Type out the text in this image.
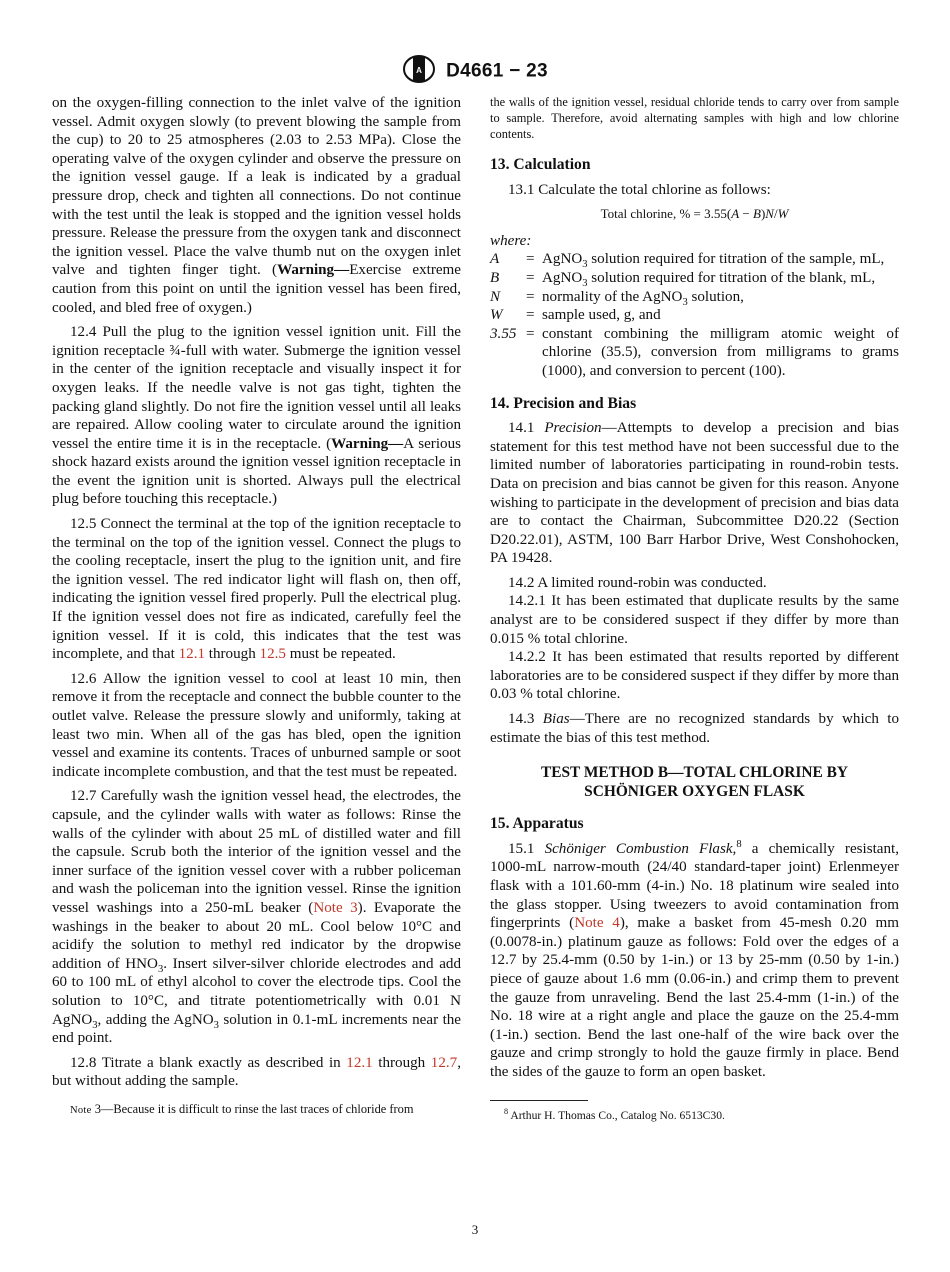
A D4661 − 23

on the oxygen-filling connection to the inlet valve of the ignition vessel. Admit oxygen slowly (to prevent blowing the sample from the cup) to 20 to 25 atmospheres (2.03 to 2.53 MPa). Close the operating valve of the oxygen cylinder and observe the pressure on the ignition vessel gauge. If a leak is indicated by a gradual pressure drop, check and tighten all connections. Do not continue with the test until the leak is stopped and the ignition vessel holds pressure. Release the pressure from the oxygen tank and disconnect the ignition vessel. Place the valve thumb nut on the oxygen inlet valve and tighten finger tight. (Warning—Exercise extreme caution from this point on until the ignition vessel has been fired, cooled, and bled free of oxygen.)

12.4 Pull the plug to the ignition vessel ignition unit. Fill the ignition receptacle ¾-full with water. Submerge the ignition vessel in the center of the ignition receptacle and visually inspect it for oxygen leaks. If the needle valve is not gas tight, tighten the packing gland slightly. Do not fire the ignition vessel until all leaks are repaired. Allow cooling water to circulate around the ignition vessel the entire time it is in the receptacle. (Warning—A serious shock hazard exists around the ignition vessel ignition receptacle in the event the ignition unit is shorted. Always pull the electrical plug before touching this receptacle.)

12.5 Connect the terminal at the top of the ignition receptacle to the terminal on the top of the ignition vessel. Connect the plugs to the cooling receptacle, insert the plug to the ignition unit, and fire the ignition vessel. The red indicator light will flash on, then off, indicating the ignition vessel fired properly. Pull the electrical plug. If the ignition vessel does not fire as indicated, carefully feel the ignition vessel. If it is cold, this indicates that the test was incomplete, and that 12.1 through 12.5 must be repeated.

12.6 Allow the ignition vessel to cool at least 10 min, then remove it from the receptacle and connect the bubble counter to the outlet valve. Release the pressure slowly and uniformly, taking at least two min. When all of the gas has bled, open the ignition vessel and examine its contents. Traces of unburned sample or soot indicate incomplete combustion, and that the test must be repeated.

12.7 Carefully wash the ignition vessel head, the electrodes, the capsule, and the cylinder walls with water as follows: Rinse the walls of the cylinder with about 25 mL of distilled water and fill the capsule. Scrub both the interior of the ignition vessel and the inner surface of the ignition vessel cover with a rubber policeman and wash the policeman into the ignition vessel. Rinse the ignition vessel washings into a 250-mL beaker (Note 3). Evaporate the washings in the beaker to about 20 mL. Cool below 10°C and acidify the solution to methyl red indicator by the dropwise addition of $HNO_3$. Insert silver-silver chloride electrodes and add 60 to 100 mL of ethyl alcohol to cover the electrode tips. Cool the solution to 10°C, and titrate potentiometrically with 0.01 N AgNO$_3$, adding the AgNO$_3$ solution in 0.1-mL increments near the end point.

12.8 Titrate a blank exactly as described in 12.1 through 12.7, but without adding the sample.

Note 3—Because it is difficult to rinse the last traces of chloride from

the walls of the ignition vessel, residual chloride tends to carry over from sample to sample. Therefore, avoid alternating samples with high and low chlorine contents.

13. Calculation

13.1 Calculate the total chlorine as follows:

Total chlorine, % = 3.55(A − B)N/W
where:
A	=	AgNO$_3$ solution required for titration of the sample, mL,
B	=	AgNO$_3$ solution required for titration of the blank, mL,
N	=	normality of the AgNO$_3$ solution,
W	=	sample used, g, and
3.55	=	constant combining the milligram atomic weight of chlorine (35.5), conversion from milligrams to grams (1000), and conversion to percent (100).
14. Precision and Bias

14.1 Precision—Attempts to develop a precision and bias statement for this test method have not been successful due to the limited number of laboratories participating in round-robin tests. Data on precision and bias cannot be given for this reason. Anyone wishing to participate in the development of precision and bias data are to contact the Chairman, Subcommittee D20.22 (Section D20.22.01), ASTM, 100 Barr Harbor Drive, West Conshohocken, PA 19428.

14.2 A limited round-robin was conducted.

14.2.1 It has been estimated that duplicate results by the same analyst are to be considered suspect if they differ by more than 0.015 % total chlorine.

14.2.2 It has been estimated that results reported by different laboratories are to be considered suspect if they differ by more than 0.03 % total chlorine.

14.3 Bias—There are no recognized standards by which to estimate the bias of this test method.

TEST METHOD B—TOTAL CHLORINE BY
SCHÖNIGER OXYGEN FLASK
15. Apparatus

15.1 Schöniger Combustion Flask,$^8$ a chemically resistant, 1000-mL narrow-mouth (24/40 standard-taper joint) Erlenmeyer flask with a 101.60-mm (4-in.) No. 18 platinum wire sealed into the glass stopper. Using tweezers to avoid contamination from fingerprints (Note 4), make a basket from 45-mesh 0.20 mm (0.0078-in.) platinum gauze as follows: Fold over the edges of a 12.7 by 25.4-mm (0.50 by 1-in.) or 13 by 25-mm (0.50 by 1-in.) piece of gauze about 1.6 mm (0.06-in.) and crimp them to prevent the gauze from unraveling. Bend the last 25.4-mm (1-in.) of the No. 18 wire at a right angle and place the gauze on the 25.4-mm (1-in.) section. Bend the last one-half of the wire back over the gauze and crimp strongly to hold the gauze firmly in place. Bend the sides of the gauze to form an open basket.

$^8$ Arthur H. Thomas Co., Catalog No. 6513C30.
3
